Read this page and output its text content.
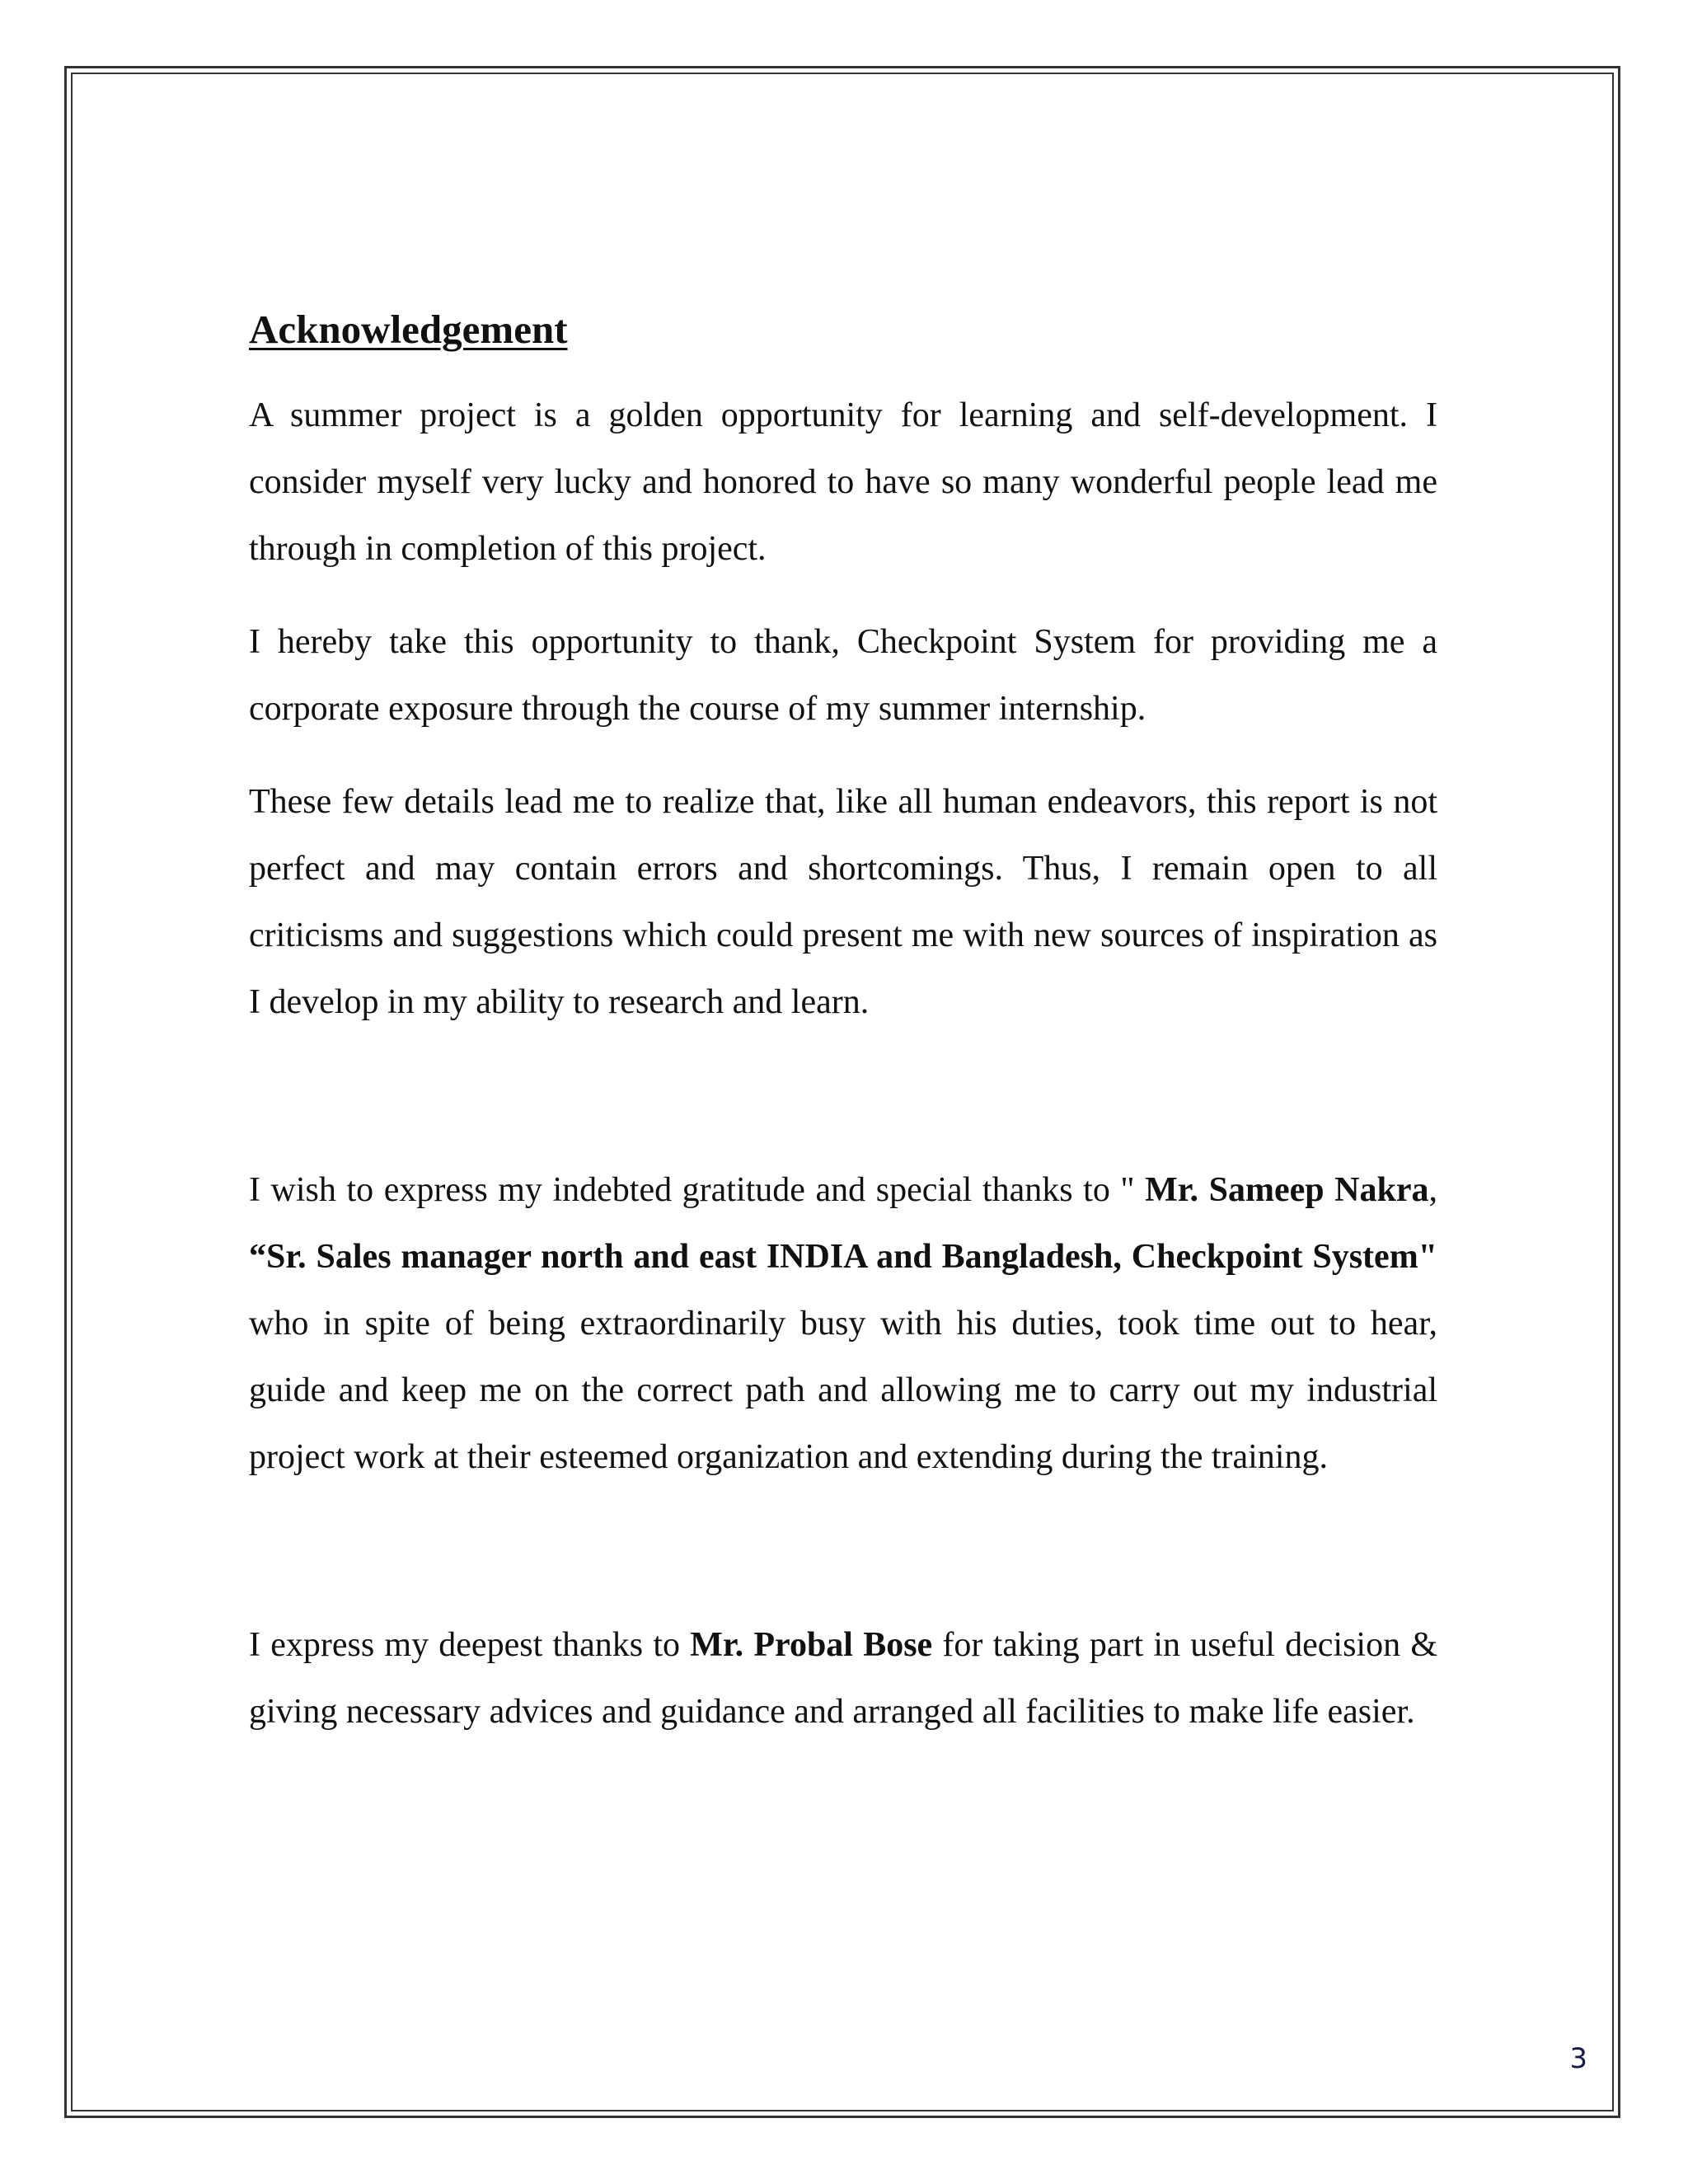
Acknowledgement

A summer project is a golden opportunity for learning and self-development. I consider myself very lucky and honored to have so many wonderful people lead me through in completion of this project.

I hereby take this opportunity to thank, Checkpoint System for providing me a corporate exposure through the course of my summer internship.

These few details lead me to realize that, like all human endeavors, this report is not perfect and may contain errors and shortcomings. Thus, I remain open to all criticisms and suggestions which could present me with new sources of inspiration as I develop in my ability to research and learn.

I wish to express my indebted gratitude and special thanks to " Mr. Sameep Nakra, “Sr. Sales manager north and east INDIA and Bangladesh, Checkpoint System" who in spite of being extraordinarily busy with his duties, took time out to hear, guide and keep me on the correct path and allowing me to carry out my industrial project work at their esteemed organization and extending during the training.

I express my deepest thanks to Mr. Probal Bose for taking part in useful decision & giving necessary advices and guidance and arranged all facilities to make life easier.

3
